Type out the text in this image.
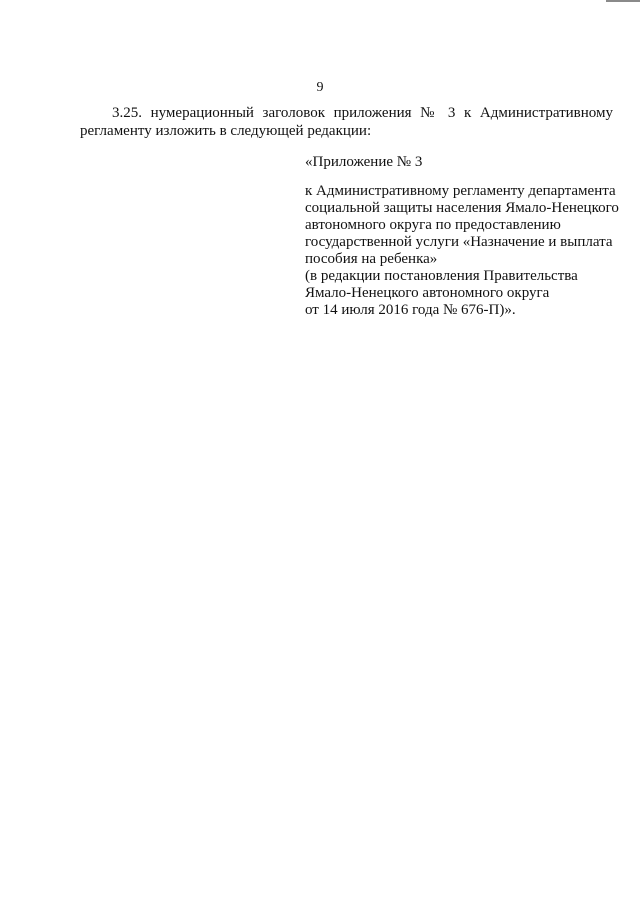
9
3.25. нумерационный заголовок приложения № 3 к Административному
регламенту изложить в следующей редакции:
«Приложение № 3
к Административному регламенту департамента
социальной защиты населения Ямало-Ненецкого
автономного округа по предоставлению
государственной услуги «Назначение и выплата
пособия на ребенка»
(в редакции постановления Правительства
Ямало-Ненецкого автономного округа
от 14 июля 2016 года № 676-П)».
